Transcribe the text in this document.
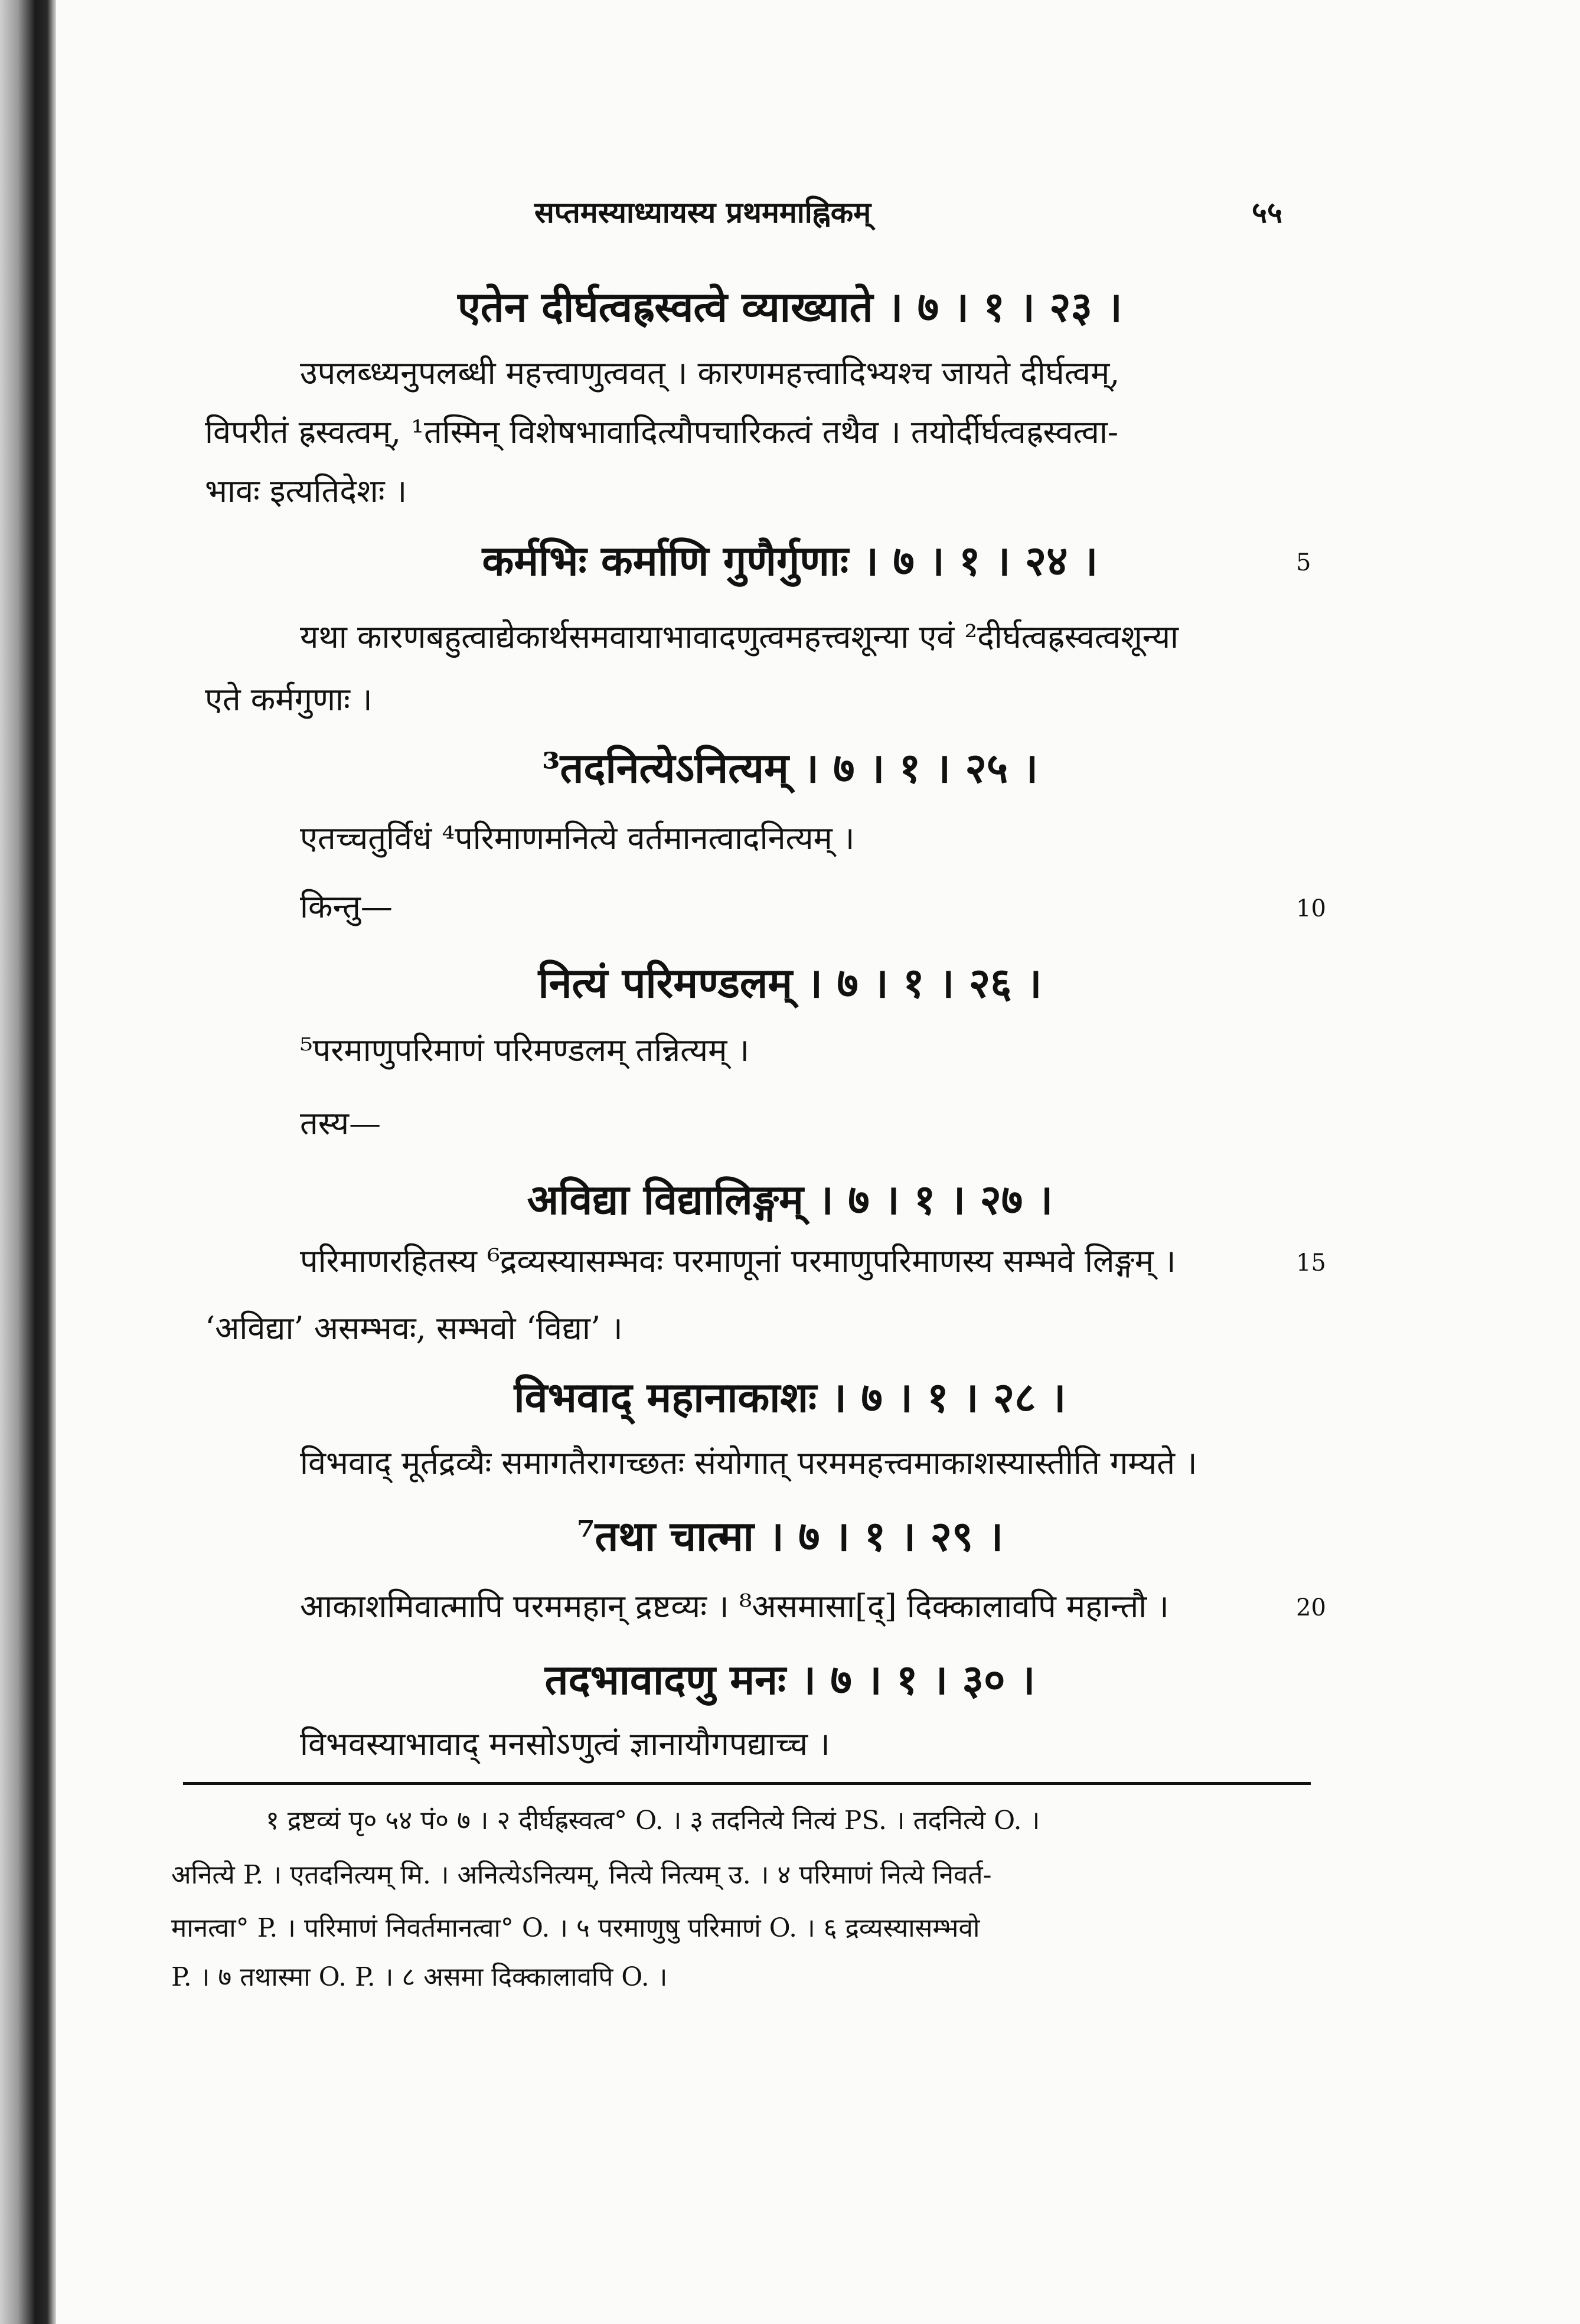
सप्तमस्याध्यायस्य प्रथममाह्निकम्	५५
एतेन दीर्घत्वह्रस्वत्वे व्याख्याते । ७ । १ । २३ ।
उपलब्ध्यनुपलब्धी महत्त्वाणुत्ववत् । कारणमहत्त्वादिभ्यश्च जायते दीर्घत्वम्,
विपरीतं ह्रस्वत्वम्, ¹तस्मिन् विशेषभावादित्यौपचारिकत्वं तथैव । तयोर्दीर्घत्वह्रस्वत्वा-
भावः इत्यतिदेशः ।
कर्मभिः कर्माणि गुणैर्गुणाः । ७ । १ । २४ ।	5
यथा कारणबहुत्वाद्येकार्थसमवायाभावादणुत्वमहत्त्वशून्या एवं ²दीर्घत्वह्रस्वत्वशून्या
एते कर्मगुणाः ।
³तदनित्येऽनित्यम् । ७ । १ । २५ ।
एतच्चतुर्विधं ⁴परिमाणमनित्ये वर्तमानत्वादनित्यम् ।
किन्तु—	10
नित्यं परिमण्डलम् । ७ । १ । २६ ।
⁵परमाणुपरिमाणं परिमण्डलम् तन्नित्यम् ।
तस्य—
अविद्या विद्यालिङ्गम् । ७ । १ । २७ ।
परिमाणरहितस्य ⁶द्रव्यस्यासम्भवः परमाणूनां परमाणुपरिमाणस्य सम्भवे लिङ्गम् ।	15
‘अविद्या’ असम्भवः, सम्भवो ‘विद्या’ ।
विभवाद् महानाकाशः । ७ । १ । २८ ।
विभवाद् मूर्तद्रव्यैः समागतैरागच्छतः संयोगात् परममहत्त्वमाकाशस्यास्तीति गम्यते ।
⁷तथा चात्मा । ७ । १ । २९ ।
आकाशमिवात्मापि परममहान् द्रष्टव्यः । ⁸असमासा[द्] दिक्कालावपि महान्तौ ।	20
तदभावादणु मनः । ७ । १ । ३० ।
विभवस्याभावाद् मनसोऽणुत्वं ज्ञानायौगपद्याच्च ।
१ द्रष्टव्यं पृ० ५४ पं० ७ । २ दीर्घह्रस्वत्व° O. । ३ तदनित्ये नित्यं PS. । तदनित्ये O. ।
अनित्ये P. । एतदनित्यम् मि. । अनित्येऽनित्यम्, नित्ये नित्यम् उ. । ४ परिमाणं नित्ये निवर्त-
मानत्वा° P. । परिमाणं निवर्तमानत्वा° O. । ५ परमाणुषु परिमाणं O. । ६ द्रव्यस्यासम्भवो
P. । ७ तथास्मा O. P. । ८ असमा दिक्कालावपि O. ।
